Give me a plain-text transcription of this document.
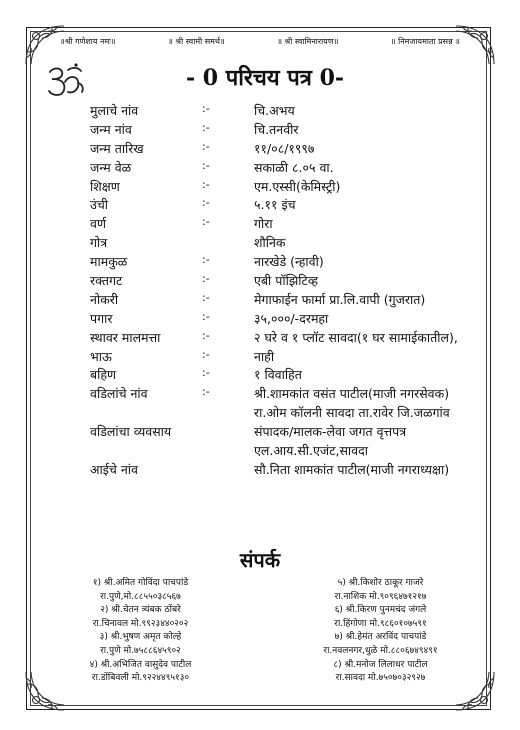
॥श्री गणेशाय नमः॥	॥ श्री स्वामी समर्थ॥	॥ श्री स्वामिनारायण॥	॥ निमजायमाता प्रसन्न ॥
- 0 परिचय पत्र 0-
मुलाचे नांव	:-	चि.अभय
जन्म नांव	:-	चि.तनवीर
जन्म तारिख	:-	११/०८/१९९७
जन्म वेळ	:-	सकाळी ८.०५ वा.
शिक्षण	:-	एम.एस्सी(केमिस्ट्री)
उंची	:-	५.११ इंच
वर्ण	:-	गोरा
गोत्र	शौनिक
मामकुळ	:-	नारखेडे (न्हावी)
रक्तगट	:-	एबी पॉझिटिव्ह
नोकरी	:-	मेगाफाईन फार्मा प्रा.लि.वापी (गुजरात)
पगार	:-	३५,०००/-दरमहा
स्थावर मालमत्ता	:-	२ घरे व १ प्लॉट सावदा(१ घर सामाईकातील),
भाऊ	:-	नाही
बहिण	:-	१ विवाहित
वडिलांचे नांव	:-	श्री.शामकांत वसंत पाटील(माजी नगरसेवक)
रा.ओम कॉलनी सावदा ता.रावेर जि.जळगांव
वडिलांचा व्यवसाय	संपादक/मालक-लेवा जगत वृत्तपत्र
एल.आय.सी.एजंट,सावदा
आईचे नांव	सौ.निता शामकांत पाटील(माजी नगराध्यक्षा)
संपर्क
१) श्री.अमित गोविंदा पाचपांडे
रा.पुणे,मो.८८५५०३८५६७
२) श्री.चेतन त्र्यंबक ठोंबरे
रा.चिनावल मो.९९२३४४०२०२
३) श्री.भुषण अमृत कोल्हे
रा.पुणे मो.७५८८६४५९०२
४) श्री.अभिजित वासुदेव पाटील
रा.डोंबिवली मो.९२२४४९५१३०
५) श्री.किशोर ठाकूर गाजरे
रा.नाशिक मो.९०९६४७१२१७
६) श्री.किरण पुनमचंद जंगले
रा.हिंगोणा मो.९८६०१०७५९१
७) श्री.हेमंत अरविंद पाचपांडे
रा.नवलनगर,धुळे मो.८८०६७४९४९१
८) श्री.मनोज लिलाधर पाटील
रा.सावदा मो.७५०७०३२९२७
